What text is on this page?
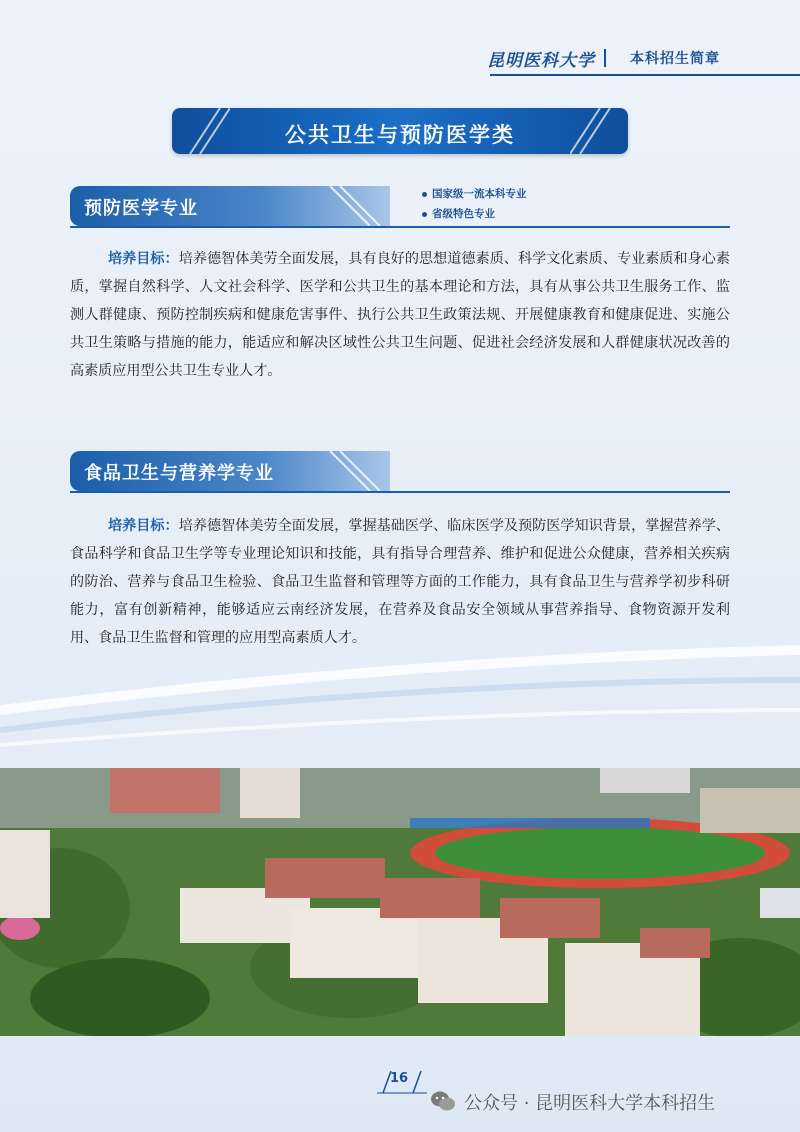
昆明医科大学	本科招生简章
公共卫生与预防医学类
预防医学专业
国家级一流本科专业
省级特色专业
培养目标：培养德智体美劳全面发展，具有良好的思想道德素质、科学文化素质、专业素质和身心素质，掌握自然科学、人文社会科学、医学和公共卫生的基本理论和方法，具有从事公共卫生服务工作、监测人群健康、预防控制疾病和健康危害事件、执行公共卫生政策法规、开展健康教育和健康促进、实施公共卫生策略与措施的能力，能适应和解决区域性公共卫生问题、促进社会经济发展和人群健康状况改善的高素质应用型公共卫生专业人才。
食品卫生与营养学专业
培养目标：培养德智体美劳全面发展，掌握基础医学、临床医学及预防医学知识背景，掌握营养学、食品科学和食品卫生学等专业理论知识和技能，具有指导合理营养、维护和促进公众健康，营养相关疾病的防治、营养与食品卫生检验、食品卫生监督和管理等方面的工作能力，具有食品卫生与营养学初步科研能力，富有创新精神，能够适应云南经济发展，在营养及食品安全领域从事营养指导、食物资源开发利用、食品卫生监督和管理的应用型高素质人才。
16
公众号 · 昆明医科大学本科招生
